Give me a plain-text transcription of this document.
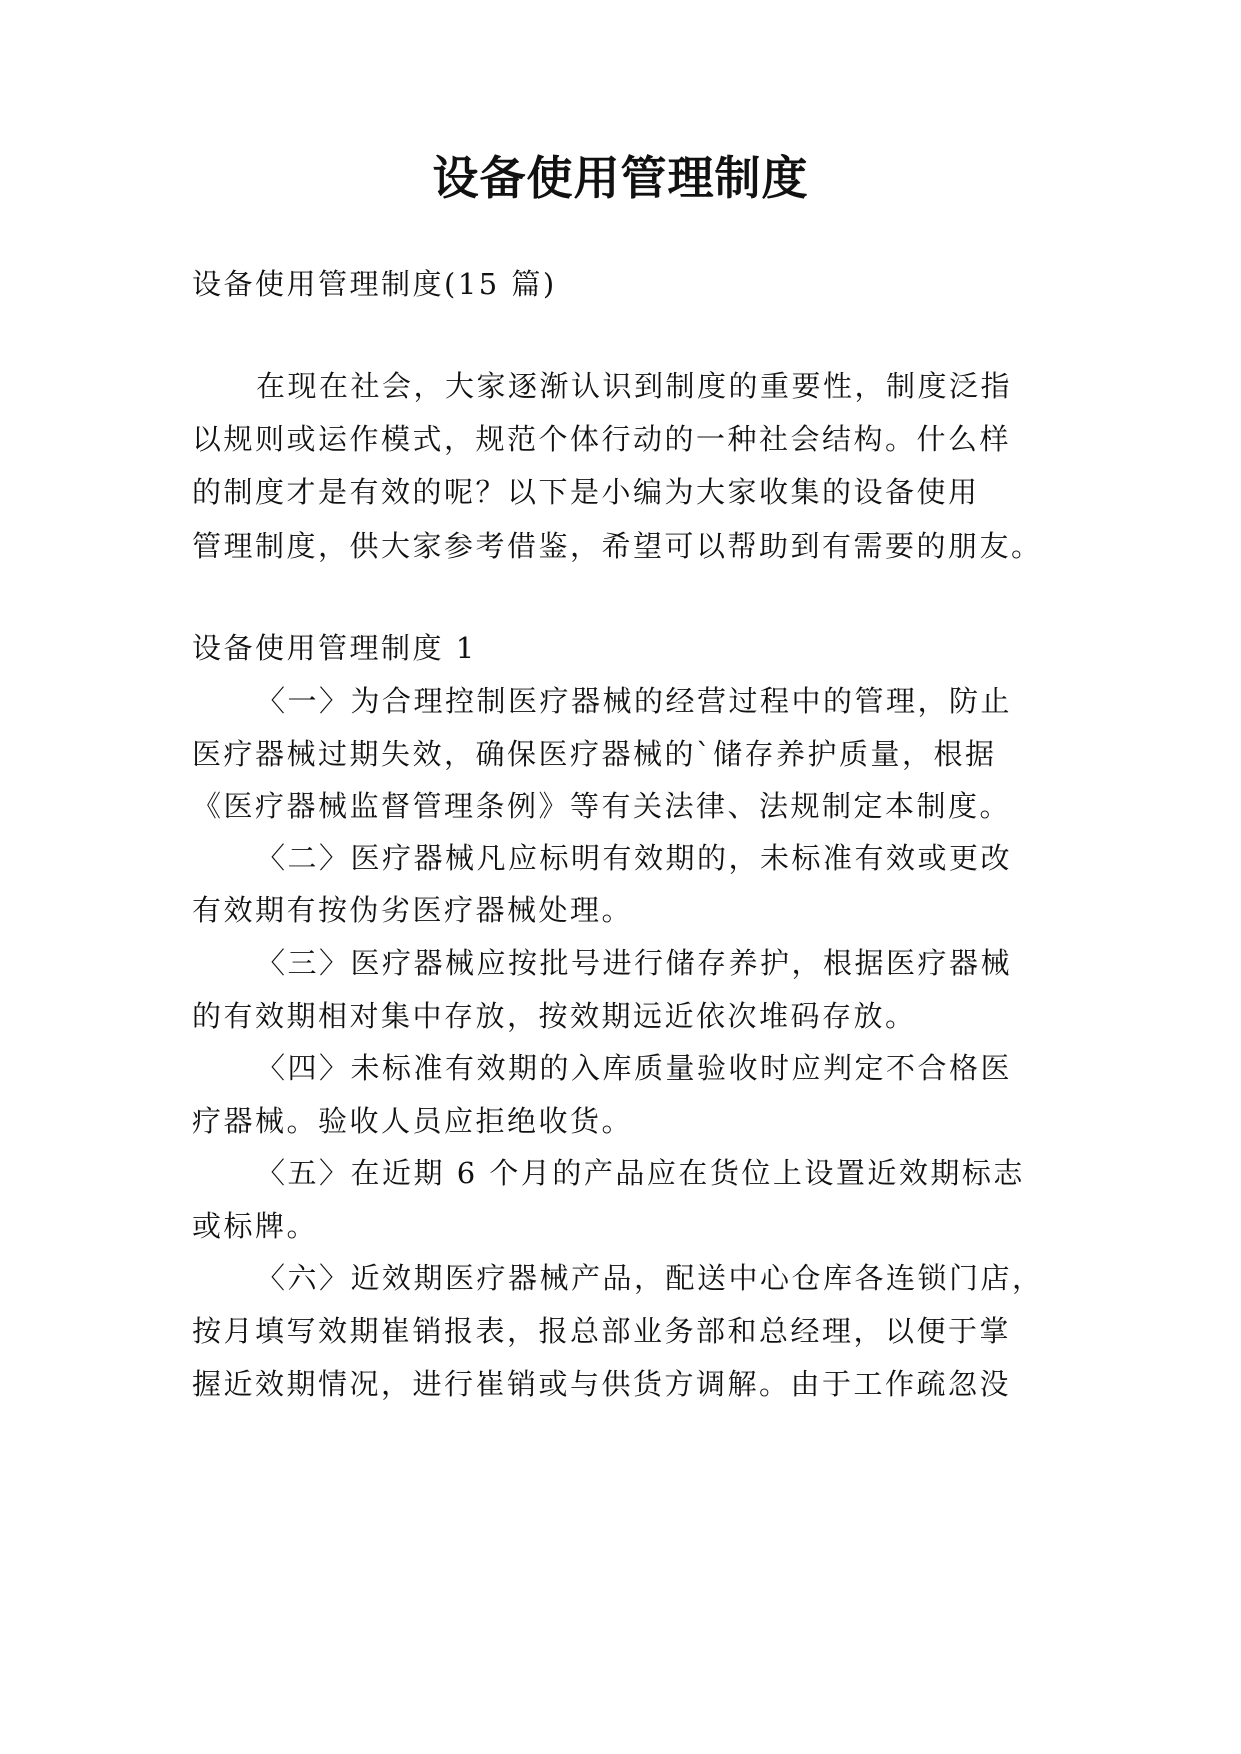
设备使用管理制度
设备使用管理制度(15 篇)
在现在社会，大家逐渐认识到制度的重要性，制度泛指
以规则或运作模式，规范个体行动的一种社会结构。什么样
的制度才是有效的呢？以下是小编为大家收集的设备使用
管理制度，供大家参考借鉴，希望可以帮助到有需要的朋友。
设备使用管理制度 1
〈一〉为合理控制医疗器械的经营过程中的管理，防止
医疗器械过期失效，确保医疗器械的`储存养护质量，根据
《医疗器械监督管理条例》等有关法律、法规制定本制度。
〈二〉医疗器械凡应标明有效期的，未标准有效或更改
有效期有按伪劣医疗器械处理。
〈三〉医疗器械应按批号进行储存养护，根据医疗器械
的有效期相对集中存放，按效期远近依次堆码存放。
〈四〉未标准有效期的入库质量验收时应判定不合格医
疗器械。验收人员应拒绝收货。
〈五〉在近期 6 个月的产品应在货位上设置近效期标志
或标牌。
〈六〉近效期医疗器械产品，配送中心仓库各连锁门店，
按月填写效期崔销报表，报总部业务部和总经理，以便于掌
握近效期情况，进行崔销或与供货方调解。由于工作疏忽没
